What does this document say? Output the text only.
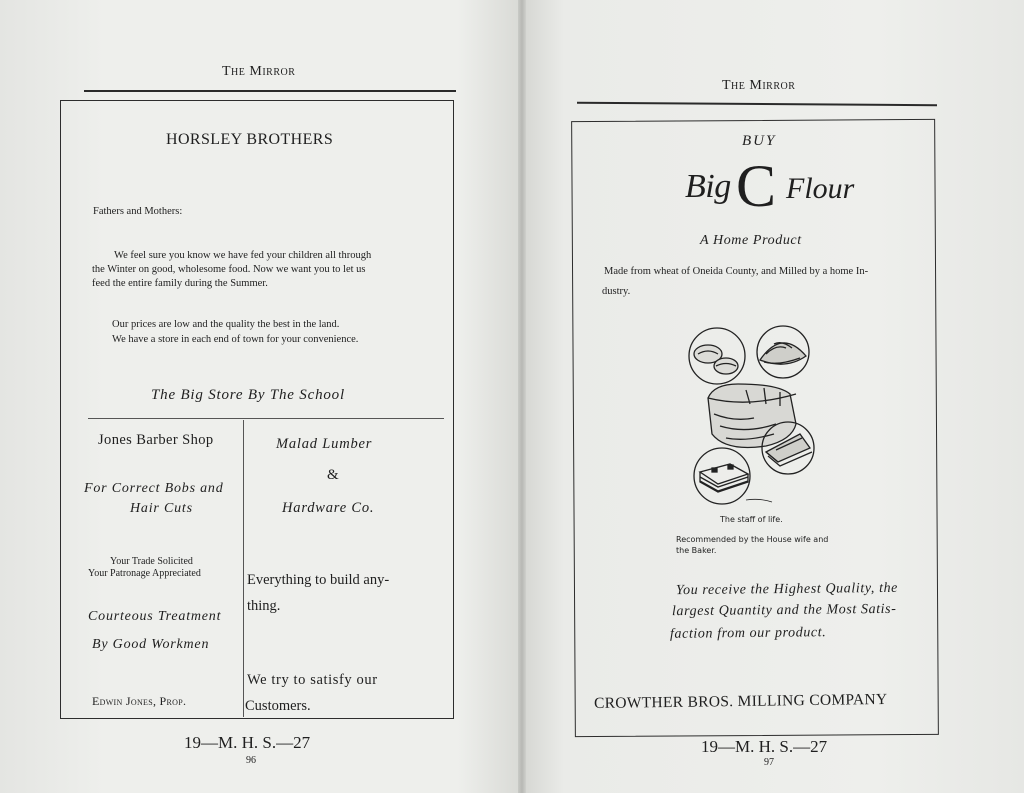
The Mirror
HORSLEY BROTHERS
Fathers and Mothers:
We feel sure you know we have fed your children all through
the Winter on good, wholesome food. Now we want you to let us
feed the entire family during the Summer.
Our prices are low and the quality the best in the land.
We have a store in each end of town for your convenience.
The Big Store By The School
Jones Barber Shop
For Correct Bobs and
Hair Cuts
Your Trade Solicited
Your Patronage Appreciated
Courteous Treatment
By Good Workmen
Edwin Jones, Prop.
Malad Lumber
&
Hardware Co.
Everything to build any-
thing.
We try to satisfy our
Customers.
19—M. H. S.—27
96
The Mirror
BUY
Big C Flour
A Home Product
Made from wheat of Oneida County, and Milled by a home In-
dustry.
The staff of life.
Recommended by the House wife and
the Baker.
You receive the Highest Quality, the
largest Quantity and the Most Satis-
faction from our product.
CROWTHER BROS. MILLING COMPANY
19—M. H. S.—27
97
